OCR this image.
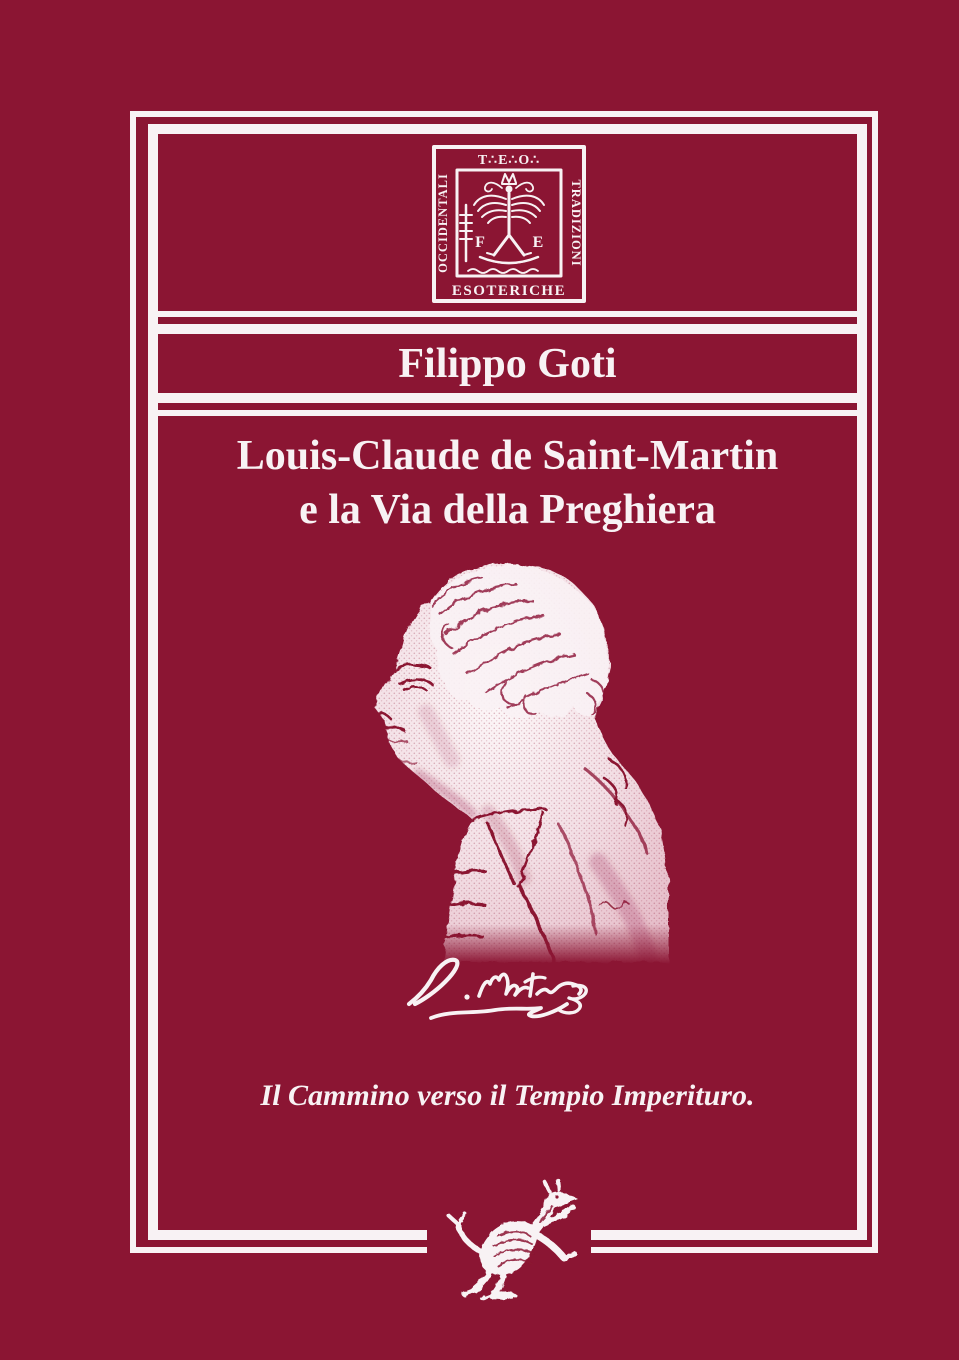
T∴E∴O∴
OCCIDENTALI	TRADIZIONI
ESOTERICHE
F	E
Filippo Goti
Louis-Claude de Saint-Martin
e la Via della Preghiera
Il Cammino verso il Tempio Imperituro.
